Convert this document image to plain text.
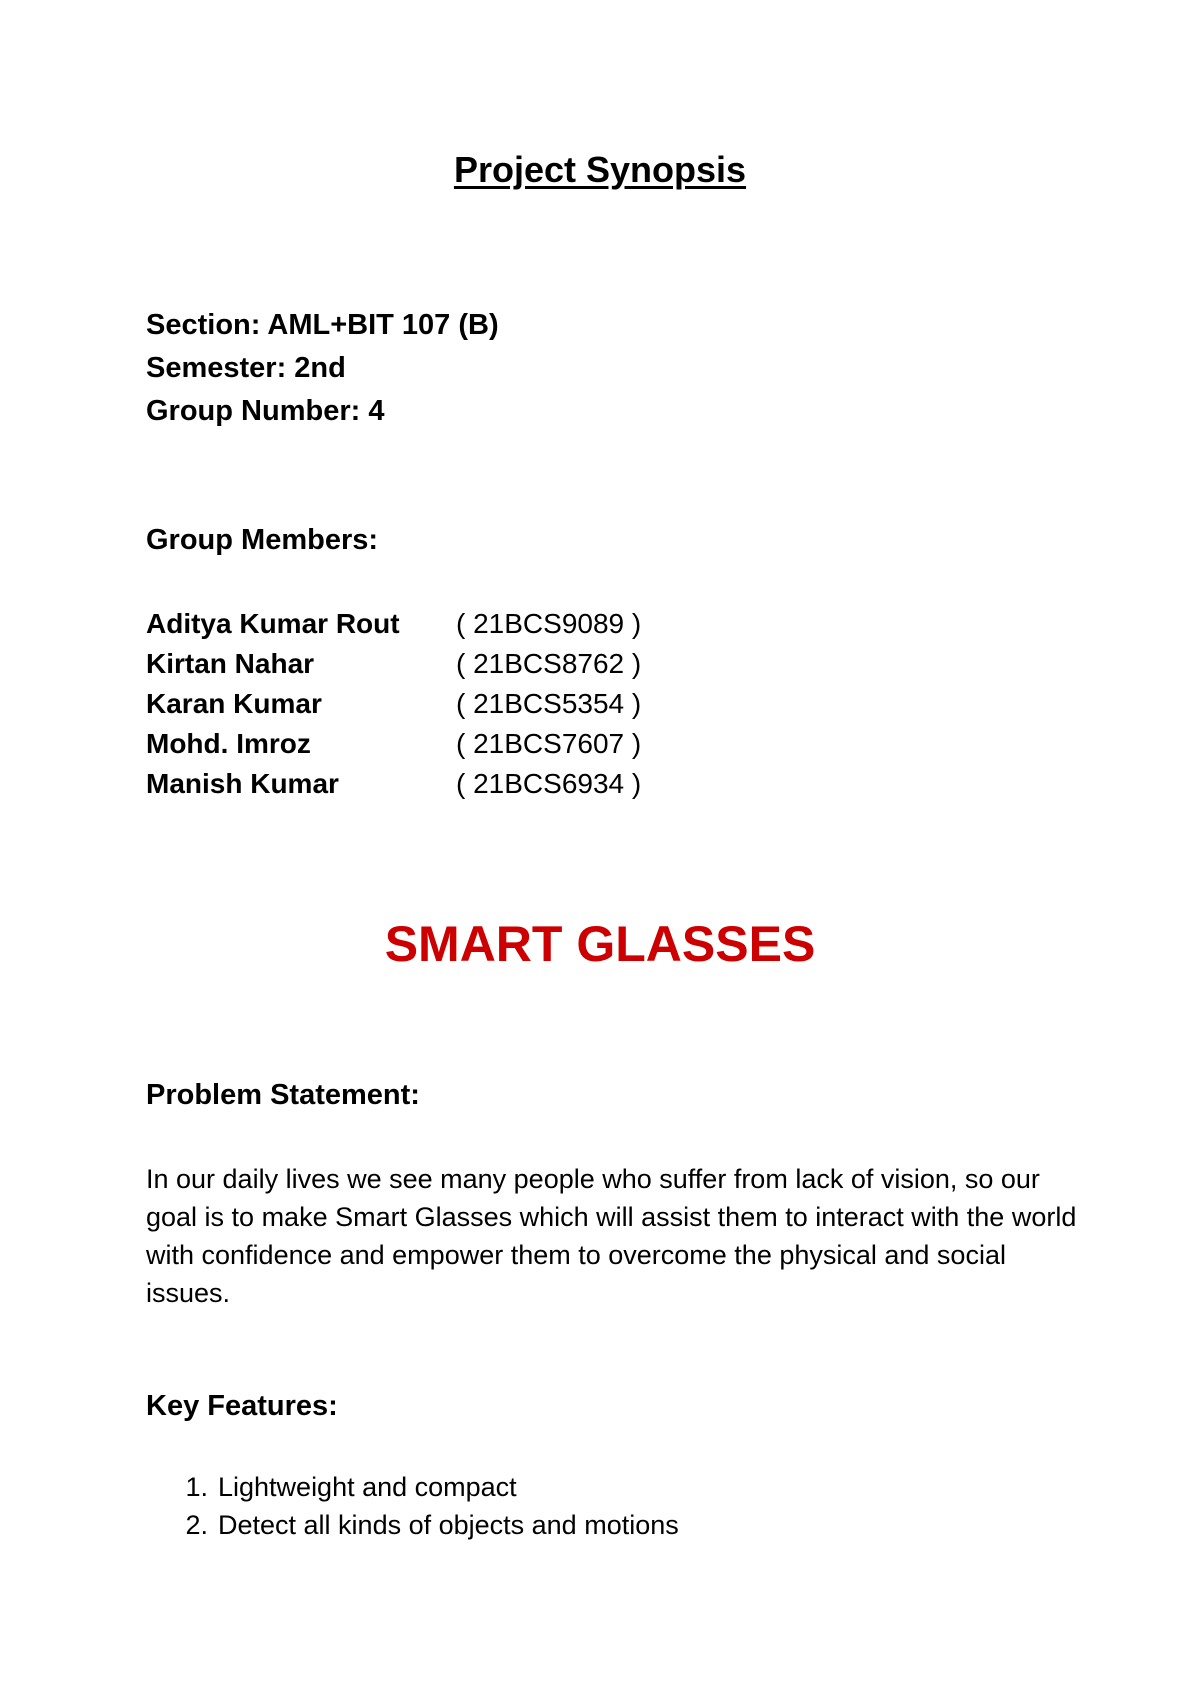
Project Synopsis
Section: AML+BIT 107 (B)
Semester: 2nd
Group Number: 4
Group Members:
Aditya Kumar Rout	( 21BCS9089 )
Kirtan Nahar	( 21BCS8762 )
Karan Kumar	( 21BCS5354 )
Mohd. Imroz	( 21BCS7607 )
Manish Kumar	( 21BCS6934 )
SMART GLASSES
Problem Statement:
In our daily lives we see many people who suffer from lack of vision, so our goal is to make Smart Glasses which will assist them to interact with the world with confidence and empower them to overcome the physical and social issues.
Key Features:
1. Lightweight and compact
2. Detect all kinds of objects and motions
